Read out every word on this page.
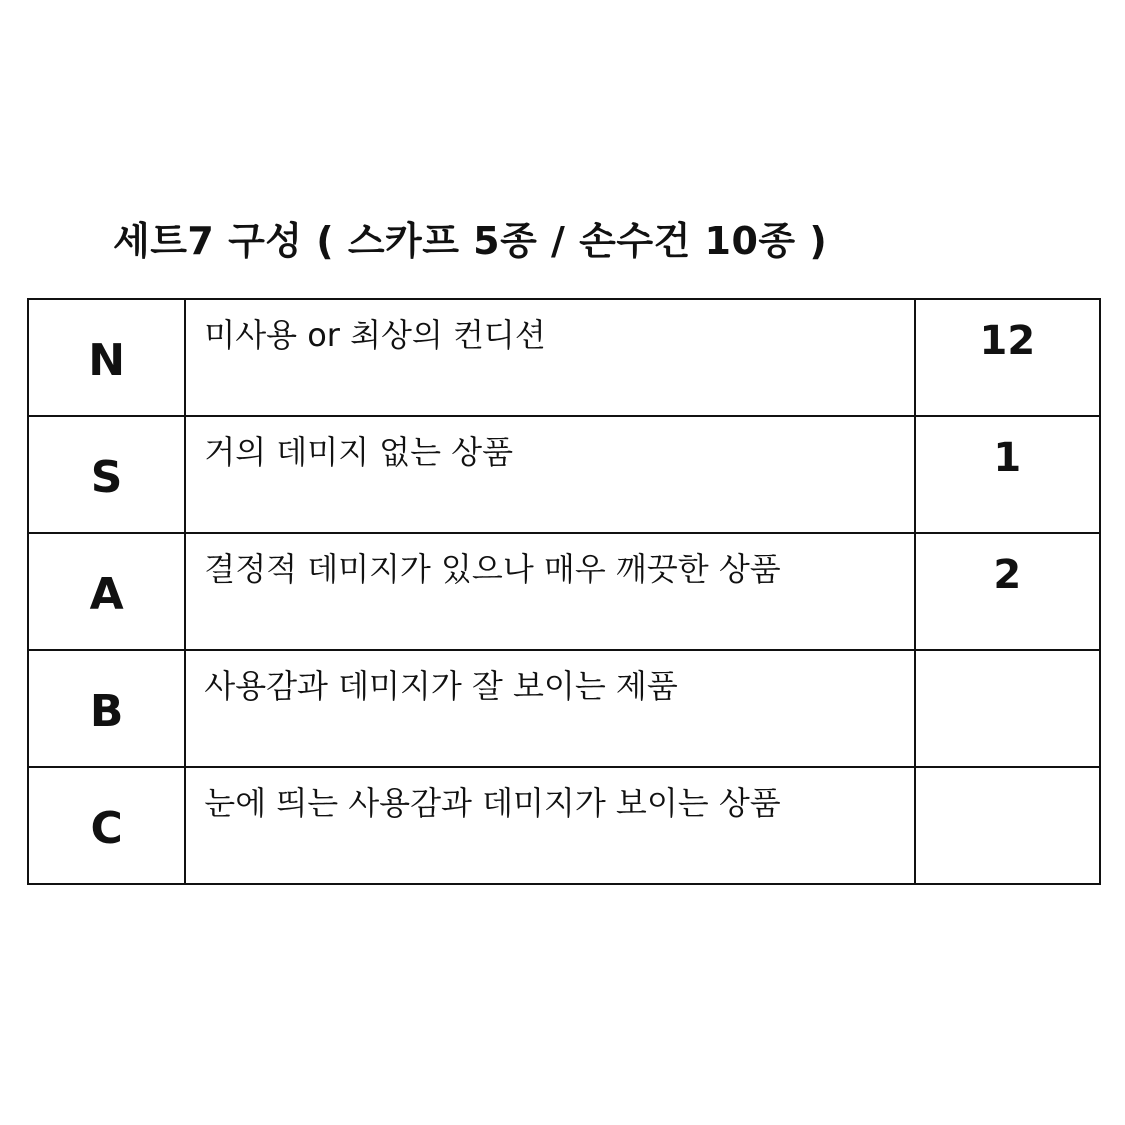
세트7 구성 ( 스카프 5종 / 손수건 10종 )
N	미사용 or 최상의 컨디션	12
S	거의 데미지 없는 상품	1
A	결정적 데미지가 있으나 매우 깨끗한 상품	2
B	사용감과 데미지가 잘 보이는 제품	
C	눈에 띄는 사용감과 데미지가 보이는 상품	
